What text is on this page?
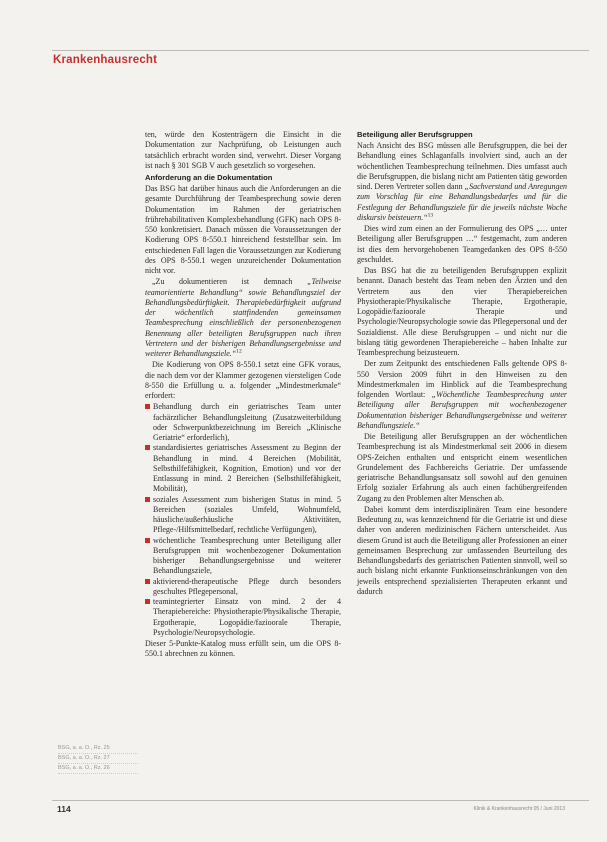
Krankenhausrecht

ten, würde den Kostenträgern die Einsicht in die Dokumentation zur Nachprüfung, ob Leistungen auch tatsächlich erbracht worden sind, verwehrt. Dieser Vorgang ist nach § 301 SGB V auch gesetzlich so vorgesehen.

Anforderung an die Dokumentation

Das BSG hat darüber hinaus auch die Anforderungen an die gesamte Durchführung der Teambesprechung sowie deren Dokumentation im Rahmen der geriatrischen frührehabilitativen Komplexbehandlung (GFK) nach OPS 8-550 konkretisiert. Danach müssen die Voraussetzungen der Kodierung OPS 8-550.1 hinreichend feststellbar sein. Im entschiedenen Fall lagen die Voraussetzungen zur Kodierung des OPS 8-550.1 wegen unzureichender Dokumentation nicht vor.

„Zu dokumentieren ist demnach „Teilweise teamorientierte Behandlung“ sowie Behandlungsziel der Behandlungsbedürftigkeit. Therapiebedürftigkeit aufgrund der wöchentlich stattfindenden gemeinsamen Teambesprechung einschließlich der personenbezogenen Benennung aller beteiligten Berufsgruppen nach ihren Vertretern und der bisherigen Behandlungsergebnisse und weiterer Behandlungsziele.“$^{12}$

Die Kodierung von OPS 8-550.1 setzt eine GFK voraus, die nach dem vor der Klammer gezogenen viersteligen Code 8-550 die Erfüllung u. a. folgender „Mindestmerkmale“ erfordert:

Behandlung durch ein geriatrisches Team unter fachärztlicher Behandlungsleitung (Zusatzweiterbildung oder Schwerpunktbezeichnung im Bereich „Klinische Geriatrie“ erforderlich),
standardisiertes geriatrisches Assessment zu Beginn der Behandlung in mind. 4 Bereichen (Mobilität, Selbsthilfefähigkeit, Kognition, Emotion) und vor der Entlassung in mind. 2 Bereichen (Selbsthilfefähigkeit, Mobilität),
soziales Assessment zum bisherigen Status in mind. 5 Bereichen (soziales Umfeld, Wohnumfeld, häusliche/außerhäusliche Aktivitäten, Pflege-/Hilfsmittelbedarf, rechtliche Verfügungen),
wöchentliche Teambesprechung unter Beteiligung aller Berufsgruppen mit wochenbezogener Dokumentation bisheriger Behandlungsergebnisse und weiterer Behandlungsziele,
aktivierend-therapeutische Pflege durch besonders geschultes Pflegepersonal,
teamintegrierter Einsatz von mind. 2 der 4 Therapiebereiche: Physiotherapie/Physikalische Therapie, Ergotherapie, Logopädie/fazioorale Therapie, Psychologie/Neuropsychologie.

Dieser 5-Punkte-Katalog muss erfüllt sein, um die OPS 8-550.1 abrechnen zu können.

Beteiligung aller Berufsgruppen

Nach Ansicht des BSG müssen alle Berufsgruppen, die bei der Behandlung eines Schlaganfalls involviert sind, auch an der wöchentlichen Teambesprechung teilnehmen. Dies umfasst auch die Berufsgruppen, die bislang nicht am Patienten tätig geworden sind. Deren Vertreter sollen dann „Sachverstand und Anregungen zum Vorschlag für eine Behandlungsbedarfes und für die Festlegung der Behandlungsziele für die jeweils nächste Woche diskursiv beisteuern.“$^{13}$

Dies wird zum einen an der Formulierung des OPS „… unter Beteiligung aller Berufsgruppen …“ festgemacht, zum anderen ist dies dem hervorgehobenen Teamgedanken des OPS 8-550 geschuldet.

Das BSG hat die zu beteiligenden Berufsgruppen explizit benannt. Danach besteht das Team neben den Ärzten und den Vertretern aus den vier Therapiebereichen Physiotherapie/Physikalische Therapie, Ergotherapie, Logopädie/fazioorale Therapie und Psychologie/Neuropsychologie sowie das Pflegepersonal und der Sozialdienst. Alle diese Berufsgruppen – und nicht nur die bislang tätig gewordenen Therapiebereiche – haben Inhalte zur Teambesprechung beizusteuern.

Der zum Zeitpunkt des entschiedenen Falls geltende OPS 8-550 Version 2009 führt in den Hinweisen zu den Mindestmerkmalen im Hinblick auf die Teambesprechung folgenden Wortlaut: „Wöchentliche Teambesprechung unter Beteiligung aller Berufsgruppen mit wochenbezogener Dokumentation bisheriger Behandlungsergebnisse und weiterer Behandlungsziele.“

Die Beteiligung aller Berufsgruppen an der wöchentlichen Teambesprechung ist als Mindestmerkmal seit 2006 in diesem OPS-Zeichen enthalten und entspricht einem wesentlichen Grundelement des Fachbereichs Geriatrie. Der umfassende geriatrische Behandlungsansatz soll sowohl auf den genuinen Erfolg sozialer Erfahrung als auch einen fachübergreifenden Zugang zu den Problemen alter Menschen ab.

Dabei kommt dem interdisziplinären Team eine besondere Bedeutung zu, was kennzeichnend für die Geriatrie ist und diese daher von anderen medizinischen Fächern unterscheidet. Aus diesem Grund ist auch die Beteiligung aller Professionen an einer gemeinsamen Besprechung zur umfassenden Beurteilung des Behandlungsbedarfs des geriatrischen Patienten sinnvoll, weil so auch bislang nicht erkannte Funktionseinschränkungen von den jeweils entsprechend spezialisierten Therapeuten erkannt und dadurch

BSG, a. a. O., Rz. 25
BSG, a. a. O., Rz. 27
BSG, a. a. O., Rz. 26
114	Klinik & Krankenhausrecht 05 / Juni 2013
